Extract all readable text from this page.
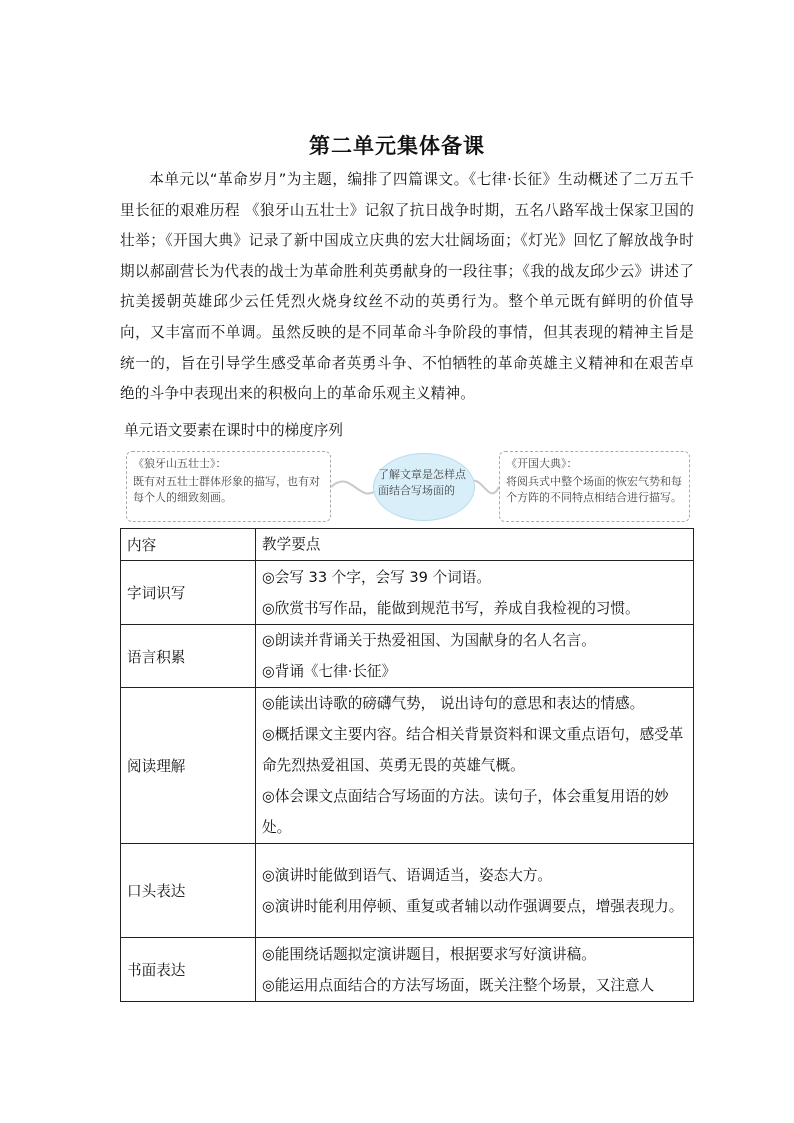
第二单元集体备课
本单元以“革命岁月”为主题，编排了四篇课文。《七律·长征》生动概述了二万五千里长征的艰难历程 《狼牙山五壮士》记叙了抗日战争时期，五名八路军战士保家卫国的壮举；《开国大典》记录了新中国成立庆典的宏大壮阔场面；《灯光》回忆了解放战争时期以郝副营长为代表的战士为革命胜利英勇献身的一段往事；《我的战友邱少云》讲述了抗美援朝英雄邱少云任凭烈火烧身纹丝不动的英勇行为。整个单元既有鲜明的价值导向，又丰富而不单调。虽然反映的是不同革命斗争阶段的事情，但其表现的精神主旨是统一的，旨在引导学生感受革命者英勇斗争、不怕牺牲的革命英雄主义精神和在艰苦卓绝的斗争中表现出来的积极向上的革命乐观主义精神。
单元语文要素在课时中的梯度序列
《狼牙山五壮士》：
既有对五壮士群体形象的描写，也有对每个人的细致刻画。
了解文章是怎样点面结合写场面的
《开国大典》：
将阅兵式中整个场面的恢宏气势和每个方阵的不同特点相结合进行描写。
内容	教学要点
字词识写	◎会写 33 个字，会写 39 个词语。
◎欣赏书写作品，能做到规范书写，养成自我检视的习惯。

语言积累	◎朗读并背诵关于热爱祖国、为国献身的名人名言。
◎背诵《七律·长征》

阅读理解	◎能读出诗歌的磅礴气势， 说出诗句的意思和表达的情感。
◎概括课文主要内容。结合相关背景资料和课文重点语句，感受革命先烈热爱祖国、英勇无畏的英雄气概。
◎体会课文点面结合写场面的方法。读句子，体会重复用语的妙处。

口头表达	◎演讲时能做到语气、语调适当，姿态大方。
◎演讲时能利用停顿、重复或者辅以动作强调要点，增强表现力。

书面表达	◎能围绕话题拟定演讲题目，根据要求写好演讲稿。
◎能运用点面结合的方法写场面，既关注整个场景，又注意人
